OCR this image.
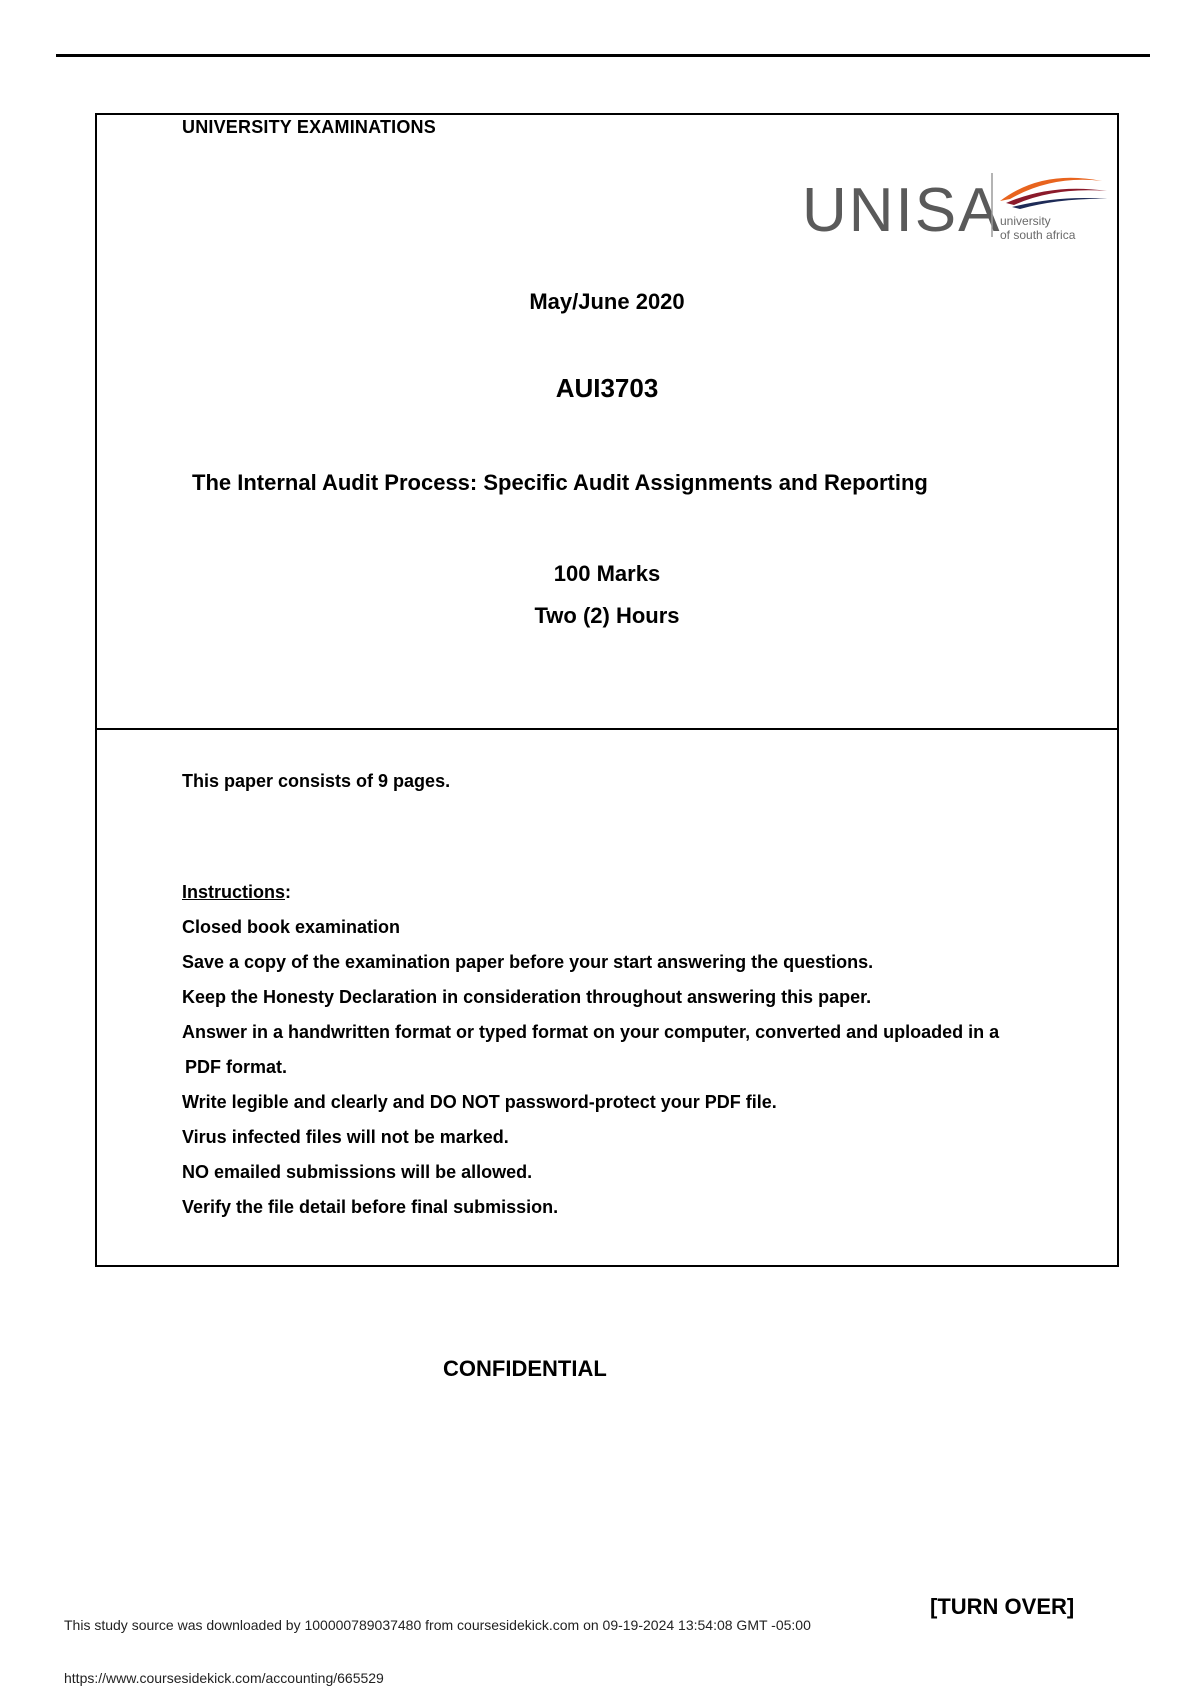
UNIVERSITY EXAMINATIONS
UNISA
university
of south africa
May/June 2020
AUI3703
The Internal Audit Process: Specific Audit Assignments and Reporting
100 Marks
Two (2) Hours
This paper consists of 9 pages.
Instructions:
Closed book examination
Save a copy of the examination paper before your start answering the questions.
Keep the Honesty Declaration in consideration throughout answering this paper.
Answer in a handwritten format or typed format on your computer, converted and uploaded in a
PDF format.
Write legible and clearly and DO NOT password-protect your PDF file.
Virus infected files will not be marked.
NO emailed submissions will be allowed.
Verify the file detail before final submission.
CONFIDENTIAL
[TURN OVER]
This study source was downloaded by 100000789037480 from coursesidekick.com on 09-19-2024 13:54:08 GMT -05:00
https://www.coursesidekick.com/accounting/665529
